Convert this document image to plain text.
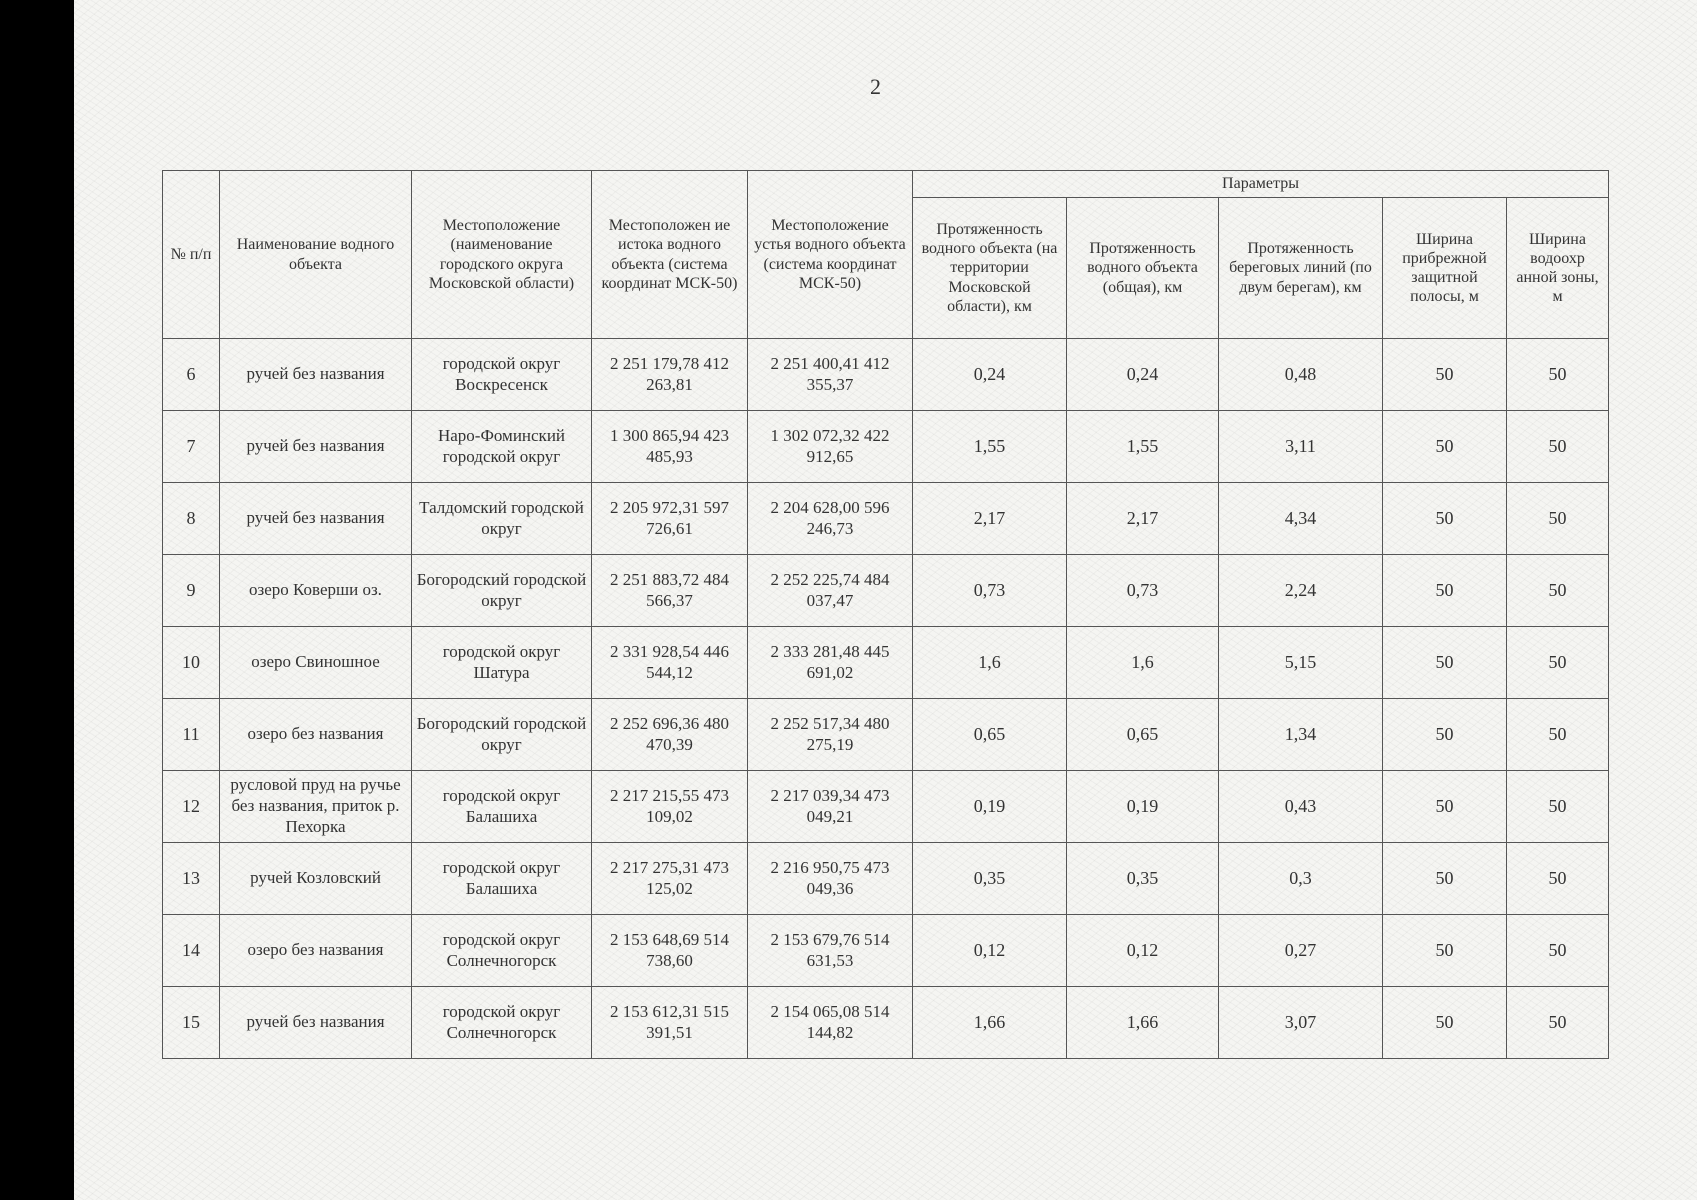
2
№ п/п	Наименование водного объекта	Местоположение (наименование городского округа Московской области)	Местоположен ие истока водного объекта (система координат МСК-50)	Местоположение устья водного объекта (система координат МСК-50)	Параметры				
					Протяженность водного объекта (на территории Московской области), км	Протяженность водного объекта (общая), км	Протяженность береговых линий (по двум берегам), км	Ширина прибрежной защитной полосы, м	Ширина водоохр анной зоны, м
6	ручей без названия	городской округ Воскресенск	2 251 179,78 412 263,81	2 251 400,41 412 355,37	0,24	0,24	0,48	50	50
7	ручей без названия	Наро-Фоминский городской округ	1 300 865,94 423 485,93	1 302 072,32 422 912,65	1,55	1,55	3,11	50	50
8	ручей без названия	Талдомский городской округ	2 205 972,31 597 726,61	2 204 628,00 596 246,73	2,17	2,17	4,34	50	50
9	озеро Коверши оз.	Богородский городской округ	2 251 883,72 484 566,37	2 252 225,74 484 037,47	0,73	0,73	2,24	50	50
10	озеро Свиношное	городской округ Шатура	2 331 928,54 446 544,12	2 333 281,48 445 691,02	1,6	1,6	5,15	50	50
11	озеро без названия	Богородский городской округ	2 252 696,36 480 470,39	2 252 517,34 480 275,19	0,65	0,65	1,34	50	50
12	русловой пруд на ручье без названия, приток р. Пехорка	городской округ Балашиха	2 217 215,55 473 109,02	2 217 039,34 473 049,21	0,19	0,19	0,43	50	50
13	ручей Козловский	городской округ Балашиха	2 217 275,31 473 125,02	2 216 950,75 473 049,36	0,35	0,35	0,3	50	50
14	озеро без названия	городской округ Солнечногорск	2 153 648,69 514 738,60	2 153 679,76 514 631,53	0,12	0,12	0,27	50	50
15	ручей без названия	городской округ Солнечногорск	2 153 612,31 515 391,51	2 154 065,08 514 144,82	1,66	1,66	3,07	50	50
